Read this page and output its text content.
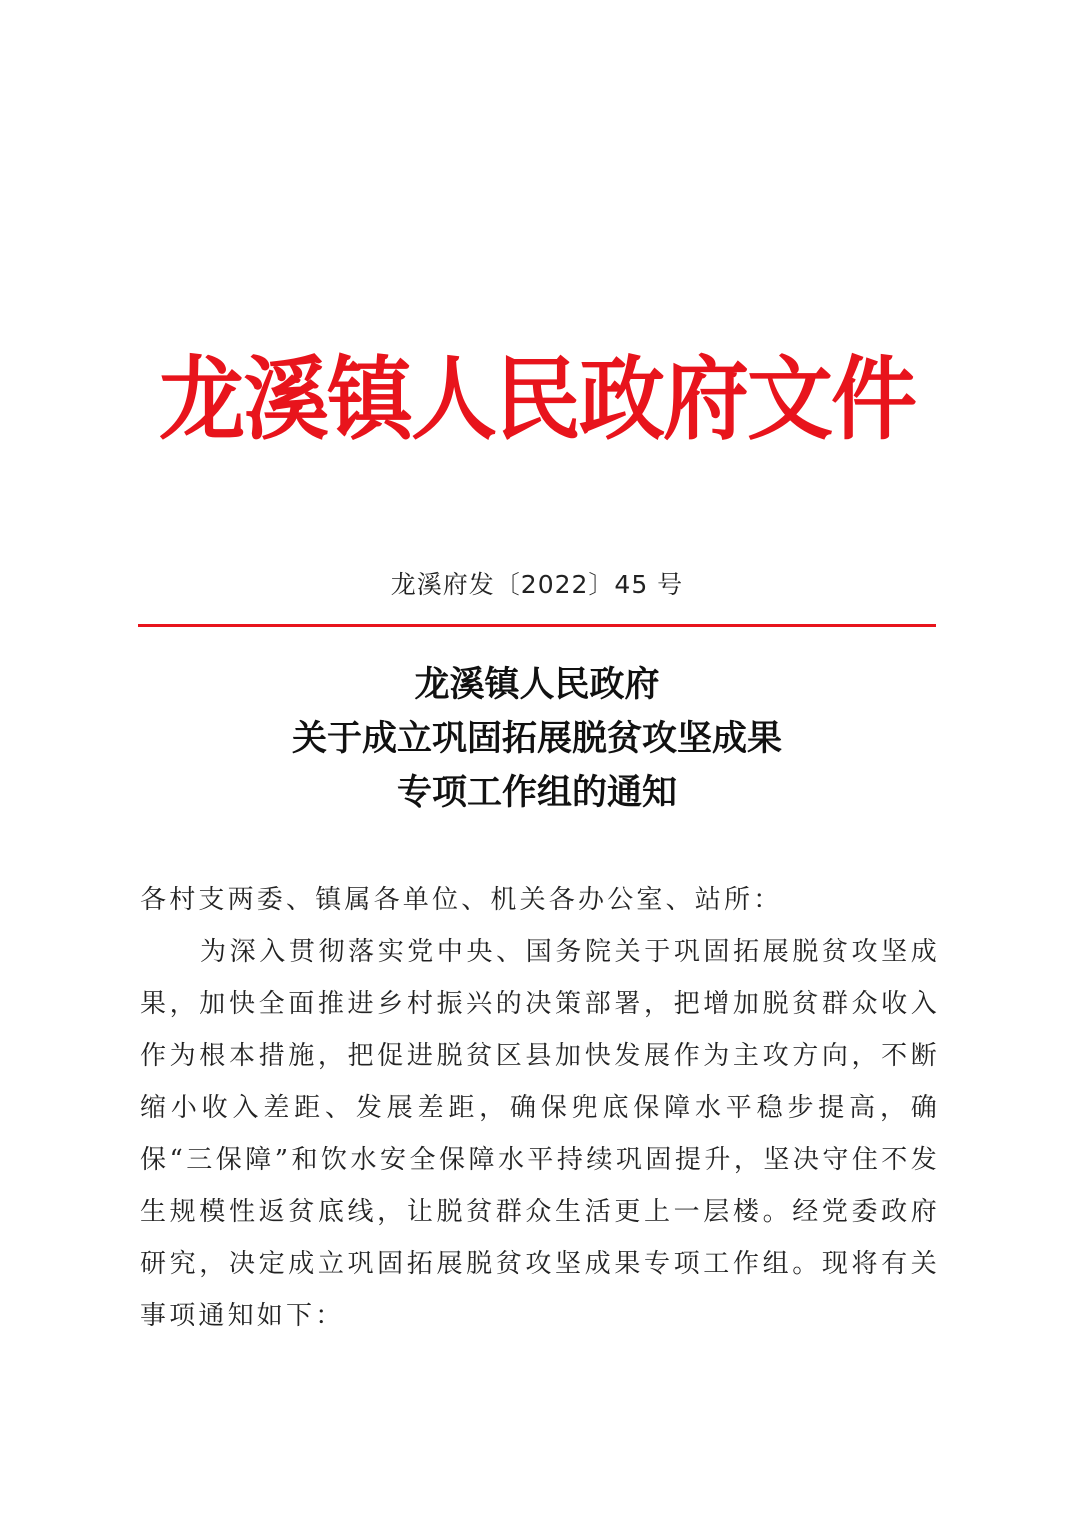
龙溪镇人民政府文件
龙溪府发〔2022〕45 号
龙溪镇人民政府
关于成立巩固拓展脱贫攻坚成果
专项工作组的通知

各村支两委、镇属各单位、机关各办公室、站所：

为深入贯彻落实党中央、国务院关于巩固拓展脱贫攻坚成果，加快全面推进乡村振兴的决策部署，把增加脱贫群众收入作为根本措施，把促进脱贫区县加快发展作为主攻方向，不断缩小收入差距、发展差距，确保兜底保障水平稳步提高，确保“三保障”和饮水安全保障水平持续巩固提升，坚决守住不发生规模性返贫底线，让脱贫群众生活更上一层楼。经党委政府研究，决定成立巩固拓展脱贫攻坚成果专项工作组。现将有关事项通知如下：
